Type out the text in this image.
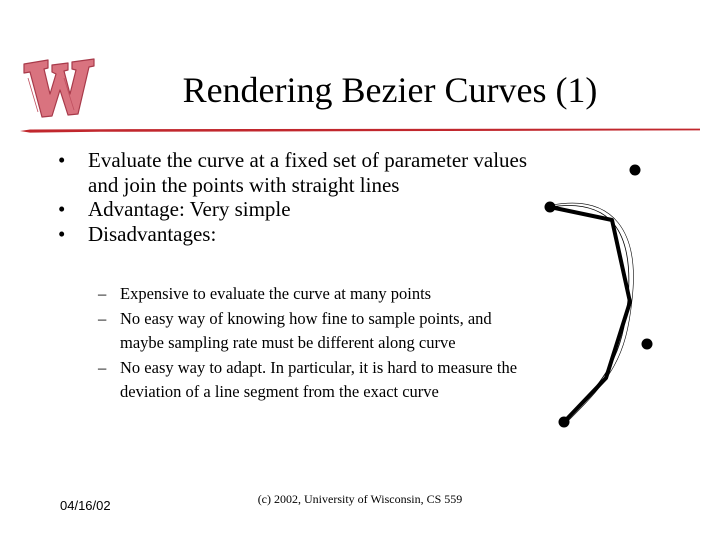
Rendering Bezier Curves (1)
• Evaluate the curve at a fixed set of parameter values and join the points with straight lines
• Advantage: Very simple
• Disadvantages:
– Expensive to evaluate the curve at many points
– No easy way of knowing how fine to sample points, and maybe sampling rate must be different along curve
– No easy way to adapt. In particular, it is hard to measure the deviation of a line segment from the exact curve
04/16/02	(c) 2002, University of Wisconsin, CS 559
